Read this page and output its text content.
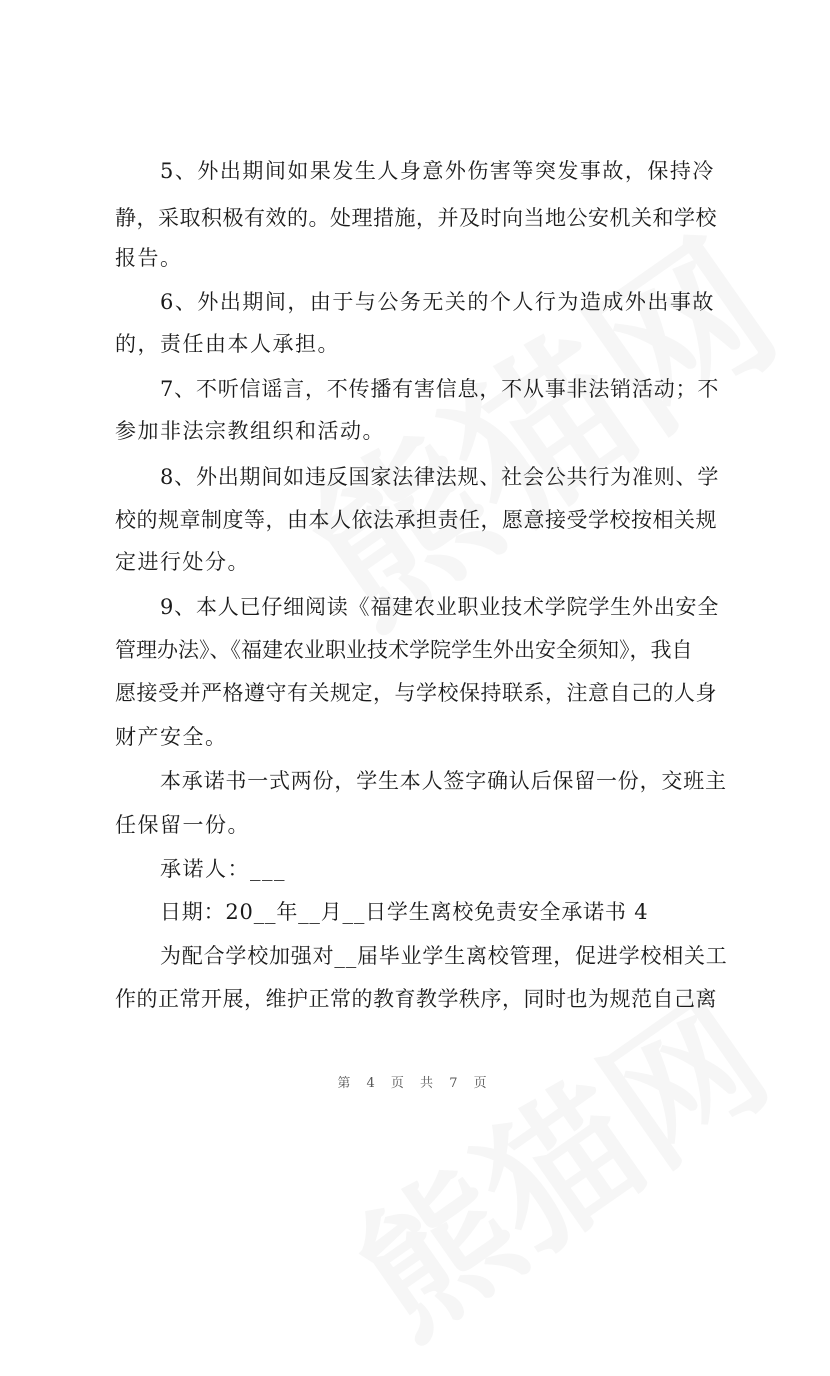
5、外出期间如果发生人身意外伤害等突发事故，保持冷
静，采取积极有效的。处理措施，并及时向当地公安机关和学校
报告。
6、外出期间，由于与公务无关的个人行为造成外出事故
的，责任由本人承担。
7、不听信谣言，不传播有害信息，不从事非法销活动；不
参加非法宗教组织和活动。
8、外出期间如违反国家法律法规、社会公共行为准则、学
校的规章制度等，由本人依法承担责任，愿意接受学校按相关规
定进行处分。
9、本人已仔细阅读《福建农业职业技术学院学生外出安全
管理办法》、《福建农业职业技术学院学生外出安全须知》，我自
愿接受并严格遵守有关规定，与学校保持联系，注意自己的人身
财产安全。
本承诺书一式两份，学生本人签字确认后保留一份，交班主
任保留一份。
承诺人：___
日期：20__年__月__日学生离校免责安全承诺书 4
为配合学校加强对__届毕业学生离校管理，促进学校相关工
作的正常开展，维护正常的教育教学秩序，同时也为规范自己离
第 4 页 共 7 页
